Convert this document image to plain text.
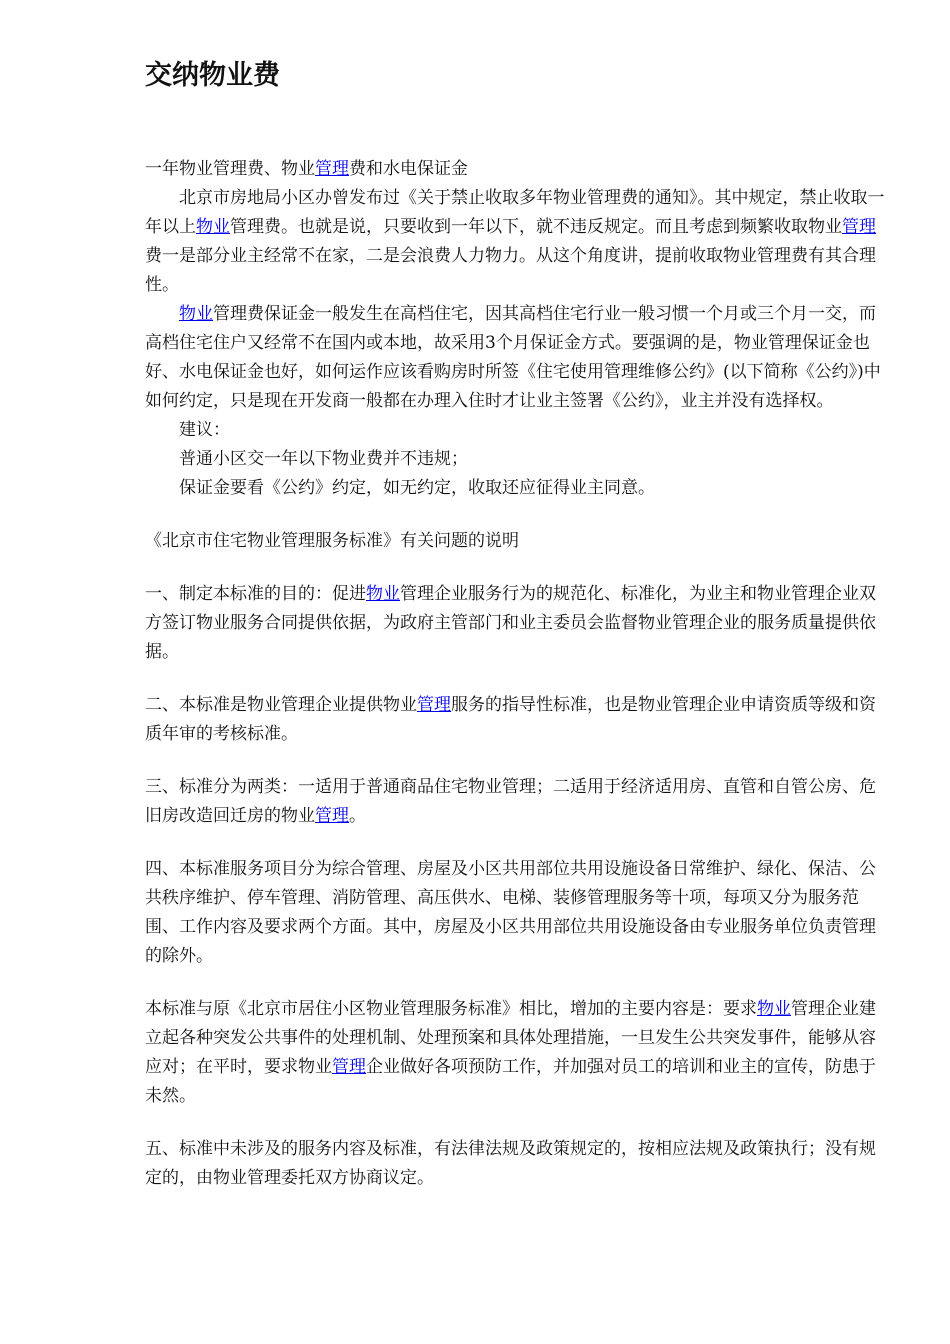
交纳物业费

一年物业管理费、物业管理费和水电保证金

北京市房地局小区办曾发布过《关于禁止收取多年物业管理费的通知》。其中规定，禁止收取一年以上物业管理费。也就是说，只要收到一年以下，就不违反规定。而且考虑到频繁收取物业管理费一是部分业主经常不在家，二是会浪费人力物力。从这个角度讲，提前收取物业管理费有其合理性。

物业管理费保证金一般发生在高档住宅，因其高档住宅行业一般习惯一个月或三个月一交，而高档住宅住户又经常不在国内或本地，故采用3个月保证金方式。要强调的是，物业管理保证金也好、水电保证金也好，如何运作应该看购房时所签《住宅使用管理维修公约》(以下简称《公约》)中如何约定，只是现在开发商一般都在办理入住时才让业主签署《公约》，业主并没有选择权。

建议：

普通小区交一年以下物业费并不违规；

保证金要看《公约》约定，如无约定，收取还应征得业主同意。

《北京市住宅物业管理服务标准》有关问题的说明

一、制定本标准的目的：促进物业管理企业服务行为的规范化、标准化，为业主和物业管理企业双方签订物业服务合同提供依据，为政府主管部门和业主委员会监督物业管理企业的服务质量提供依据。

二、本标准是物业管理企业提供物业管理服务的指导性标准，也是物业管理企业申请资质等级和资质年审的考核标准。

三、标准分为两类：一适用于普通商品住宅物业管理；二适用于经济适用房、直管和自管公房、危旧房改造回迁房的物业管理。

四、本标准服务项目分为综合管理、房屋及小区共用部位共用设施设备日常维护、绿化、保洁、公共秩序维护、停车管理、消防管理、高压供水、电梯、装修管理服务等十项，每项又分为服务范围、工作内容及要求两个方面。其中，房屋及小区共用部位共用设施设备由专业服务单位负责管理的除外。

本标准与原《北京市居住小区物业管理服务标准》相比，增加的主要内容是：要求物业管理企业建立起各种突发公共事件的处理机制、处理预案和具体处理措施，一旦发生公共突发事件，能够从容应对；在平时，要求物业管理企业做好各项预防工作，并加强对员工的培训和业主的宣传，防患于未然。

五、标准中未涉及的服务内容及标准，有法律法规及政策规定的，按相应法规及政策执行；没有规定的，由物业管理委托双方协商议定。
